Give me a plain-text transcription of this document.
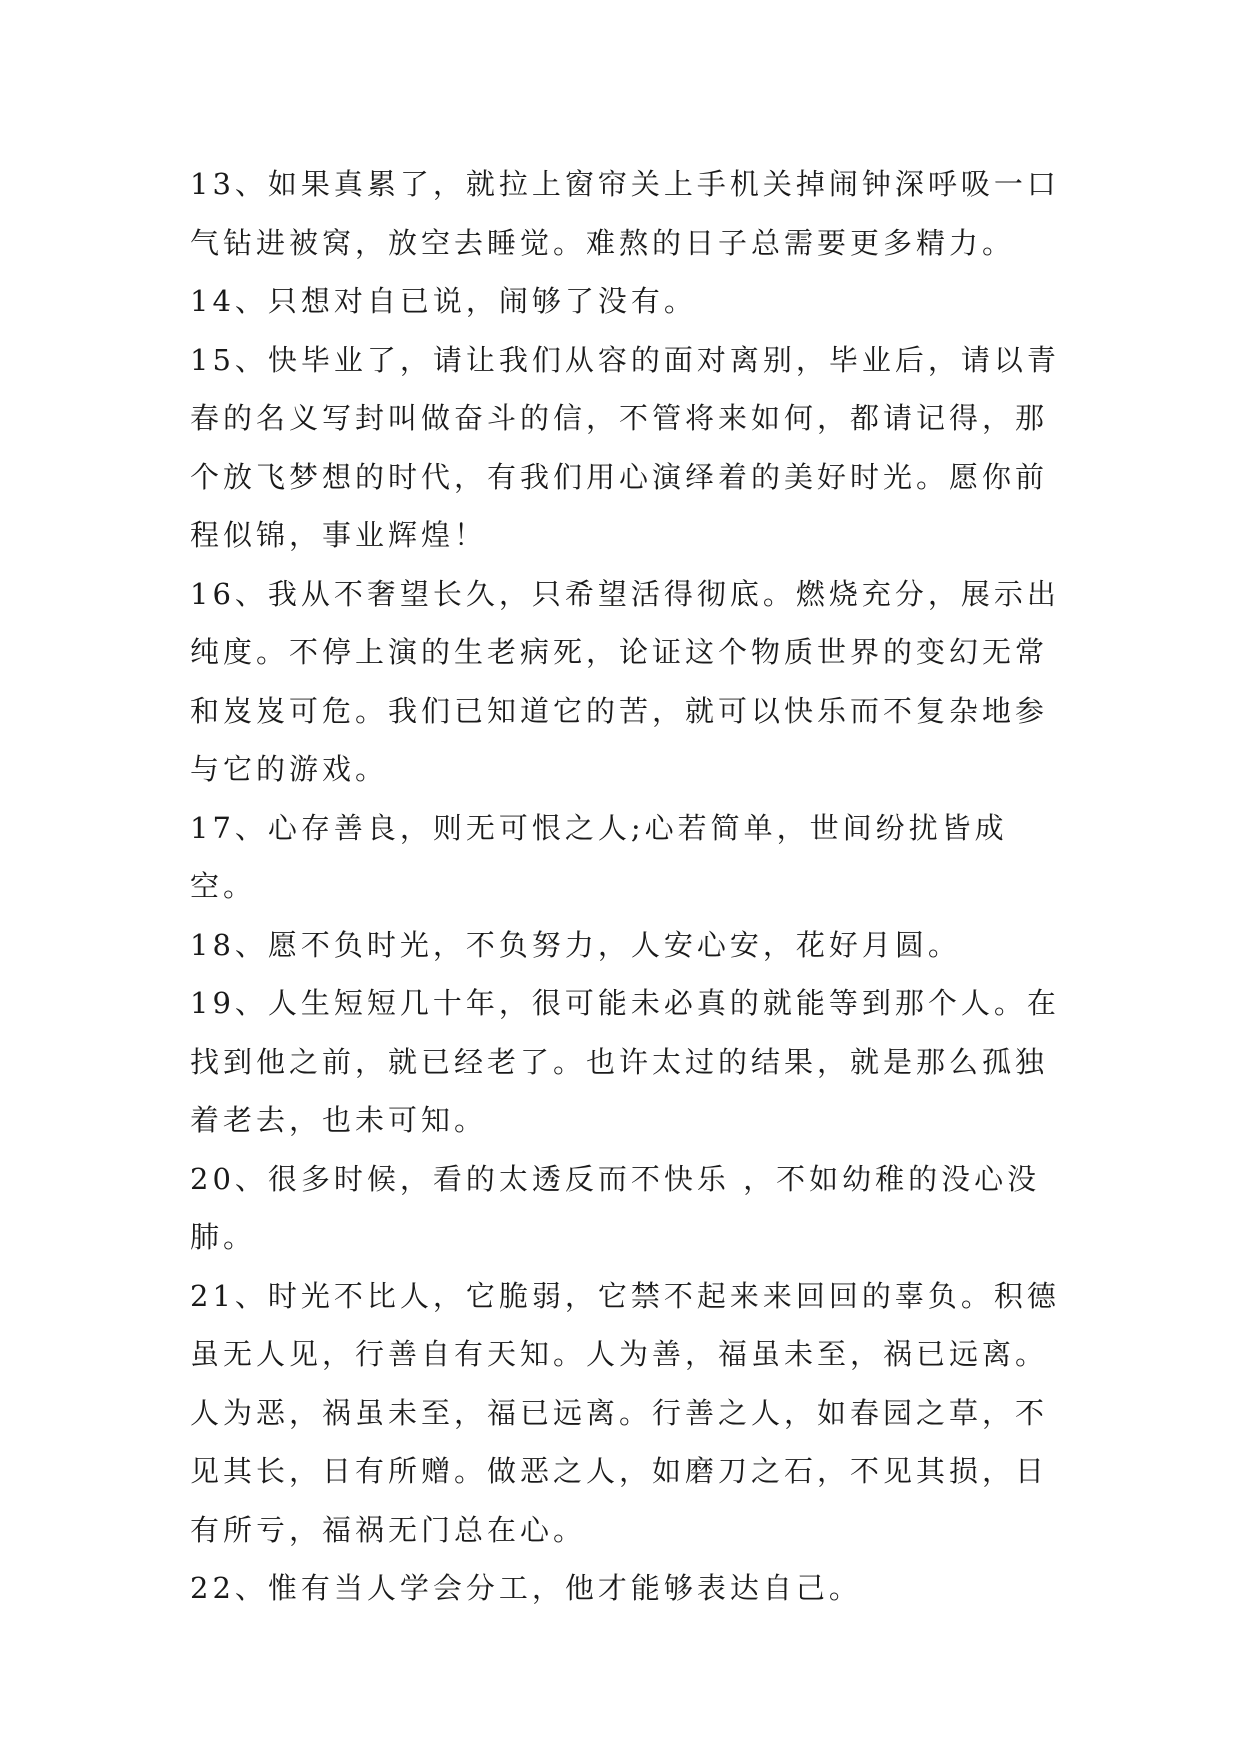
13、如果真累了，就拉上窗帘关上手机关掉闹钟深呼吸一口气钻进被窝，放空去睡觉。难熬的日子总需要更多精力。

14、只想对自已说，闹够了没有。

15、快毕业了，请让我们从容的面对离别，毕业后，请以青春的名义写封叫做奋斗的信，不管将来如何，都请记得，那个放飞梦想的时代，有我们用心演绎着的美好时光。愿你前程似锦，事业辉煌！

16、我从不奢望长久，只希望活得彻底。燃烧充分，展示出纯度。不停上演的生老病死，论证这个物质世界的变幻无常和岌岌可危。我们已知道它的苦，就可以快乐而不复杂地参与它的游戏。

17、心存善良，则无可恨之人;心若简单，世间纷扰皆成空。

18、愿不负时光，不负努力，人安心安，花好月圆。

19、人生短短几十年，很可能未必真的就能等到那个人。在找到他之前，就已经老了。也许太过的结果，就是那么孤独着老去，也未可知。

20、很多时候，看的太透反而不快乐 ，不如幼稚的没心没肺。

21、时光不比人，它脆弱，它禁不起来来回回的辜负。积德虽无人见，行善自有天知。人为善，福虽未至，祸已远离。人为恶，祸虽未至，福已远离。行善之人，如春园之草，不见其长，日有所赠。做恶之人，如磨刀之石，不见其损，日有所亏，福祸无门总在心。

22、惟有当人学会分工，他才能够表达自己。
